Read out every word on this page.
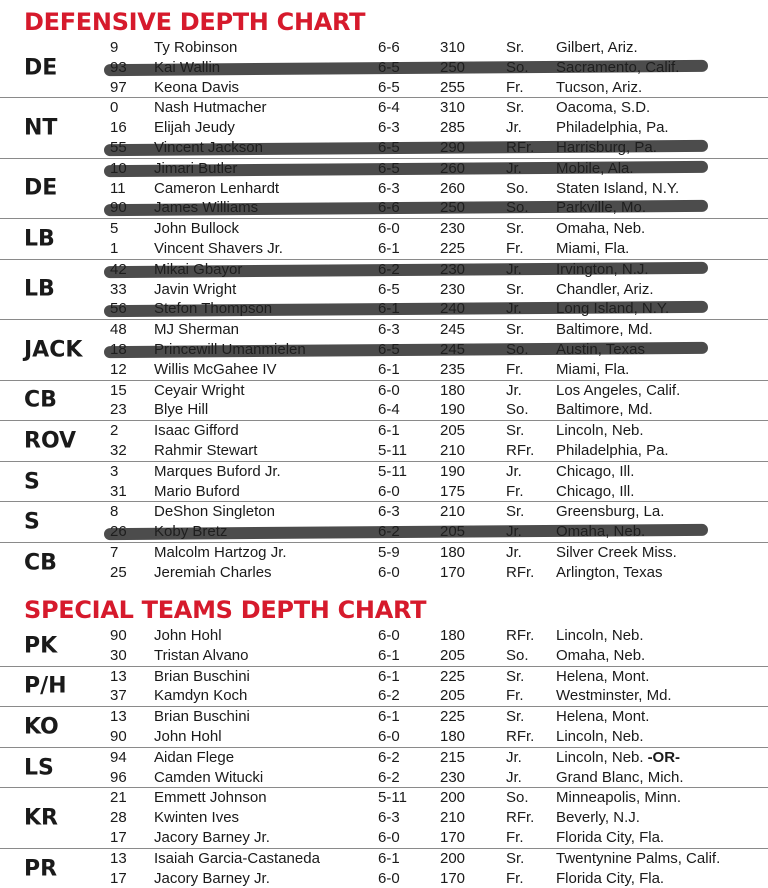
DEFENSIVE DEPTH CHART
DE
9 Ty Robinson	6-6	310	Sr. Gilbert, Ariz.
97 Keona Davis	6-5	255	Fr. Tucson, Ariz.
NT
0 Nash Hutmacher	6-4	310	Sr. Oacoma, S.D.
16 Elijah Jeudy	6-3	285	Jr. Philadelphia, Pa.
DE	11 Cameron Lenhardt	6-3	260	So. Staten Island, N.Y.
LB	5 John Bullock	6-0	230	Sr. Omaha, Neb.
1 Vincent Shavers Jr.	6-1	225	Fr. Miami, Fla.
LB	33 Javin Wright	6-5	230	Sr. Chandler, Ariz.
JACK
48 MJ Sherman	6-3	245	Sr. Baltimore, Md.
12 Willis McGahee IV	6-1	235	Fr. Miami, Fla.
CB	15 Ceyair Wright	6-0	180	Jr. Los Angeles, Calif.
23 Blye Hill	6-4	190	So. Baltimore, Md.
ROV 2 Isaac Gifford	6-1	205	Sr. Lincoln, Neb.
32 Rahmir Stewart	5-11 210	RFr. Philadelphia, Pa.
S	3 Marques Buford Jr.	5-11 190	Jr. Chicago, Ill.
31 Mario Buford	6-0	175	Fr. Chicago, Ill.
S	8 DeShon Singleton	6-3	210	Sr. Greensburg, La.
CB	7 Malcolm Hartzog Jr.	5-9	180	Jr. Silver Creek Miss.
25 Jeremiah Charles	6-0	170	RFr. Arlington, Texas
SPECIAL TEAMS DEPTH CHART
PK	90 John Hohl	6-0	180	RFr. Lincoln, Neb.
30 Tristan Alvano	6-1	205	So. Omaha, Neb.
P/H	13 Brian Buschini	6-1	225	Sr. Helena, Mont.
37 Kamdyn Koch	6-2	205	Fr. Westminster, Md.
KO	13 Brian Buschini	6-1	225	Sr. Helena, Mont.
90 John Hohl	6-0	180	RFr. Lincoln, Neb.
LS	94 Aidan Flege	6-2	215	Jr. Lincoln, Neb. -OR-
96 Camden Witucki	6-2	230	Jr. Grand Blanc, Mich.
KR
21 Emmett Johnson	5-11 200	So. Minneapolis, Minn.
28 Kwinten Ives	6-3	210	RFr. Beverly, N.J.
17 Jacory Barney Jr.	6-0	170	Fr. Florida City, Fla.
PR	13 Isaiah Garcia-Castaneda	6-1	200	Sr. Twentynine Palms, Calif.
17 Jacory Barney Jr.	6-0	170	Fr. Florida City, Fla.
